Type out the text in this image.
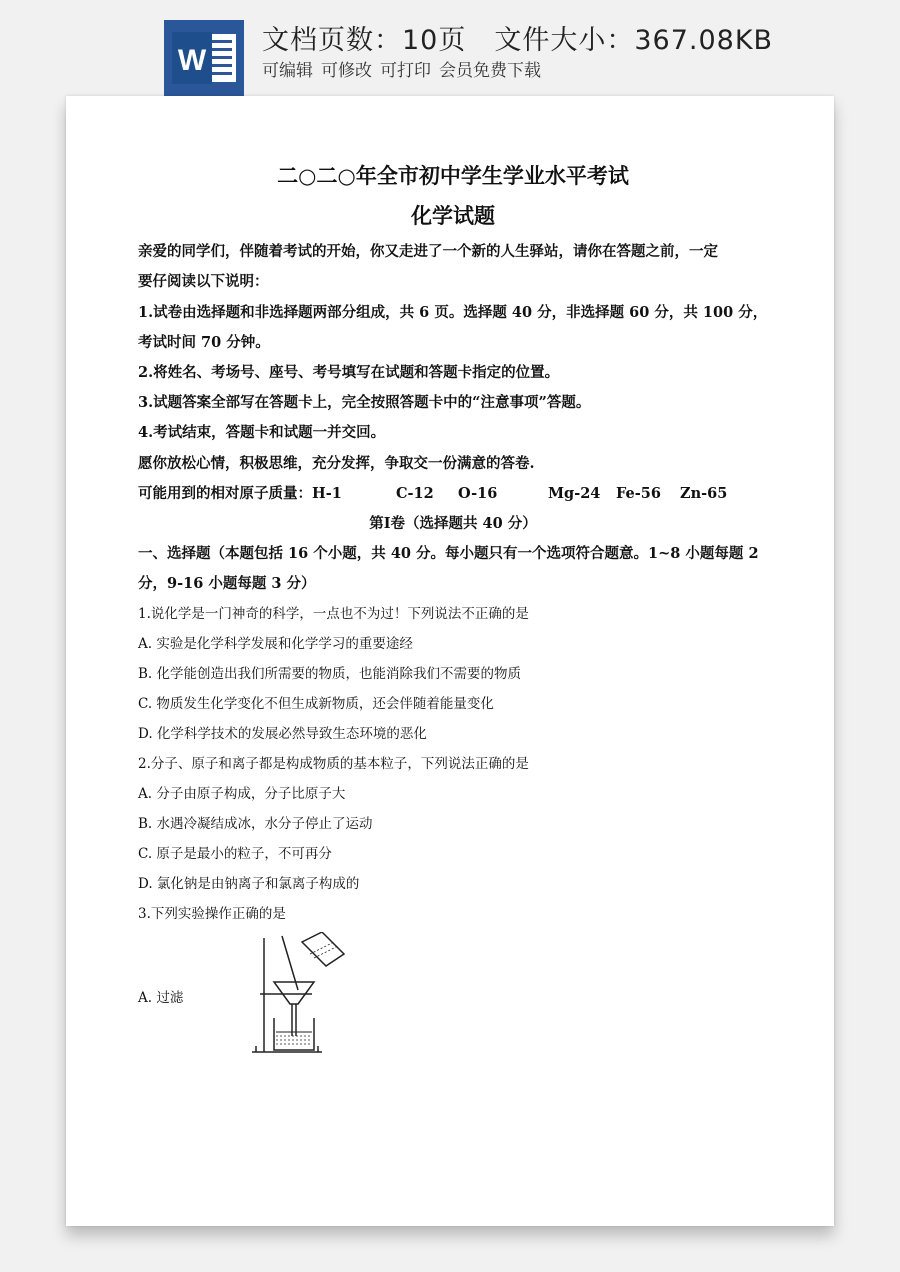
W
文档页数：10页 文件大小：367.08KB
可编辑 可修改 可打印 会员免费下载
二○二○年全市初中学生学业水平考试
化学试题
亲爱的同学们，伴随着考试的开始，你又走进了一个新的人生驿站，请你在答题之前，一定
要仔阅读以下说明：
1.试卷由选择题和非选择题两部分组成，共 6 页。选择题 40 分，非选择题 60 分，共 100 分，
考试时间 70 分钟。
2.将姓名、考场号、座号、考号填写在试题和答题卡指定的位置。
3.试题答案全部写在答题卡上，完全按照答题卡中的“注意事项”答题。
4.考试结束，答题卡和试题一并交回。
愿你放松心情，积极思维，充分发挥，争取交一份满意的答卷.
可能用到的相对原子质量：H-1	C-12 O-16	Mg-24 Fe-56 Zn-65
第Ⅰ卷（选择题共 40 分）
一、选择题（本题包括 16 个小题，共 40 分。每小题只有一个选项符合题意。1~8 小题每题 2
分，9-16 小题每题 3 分）
1.说化学是一门神奇的科学，一点也不为过！下列说法不正确的是
A. 实验是化学科学发展和化学学习的重要途经
B. 化学能创造出我们所需要的物质，也能消除我们不需要的物质
C. 物质发生化学变化不但生成新物质，还会伴随着能量变化
D. 化学科学技术的发展必然导致生态环境的恶化
2.分子、原子和离子都是构成物质的基本粒子，下列说法正确的是
A. 分子由原子构成，分子比原子大
B. 水遇冷凝结成冰，水分子停止了运动
C. 原子是最小的粒子，不可再分
D. 氯化钠是由钠离子和氯离子构成的
3.下列实验操作正确的是
A. 过滤
